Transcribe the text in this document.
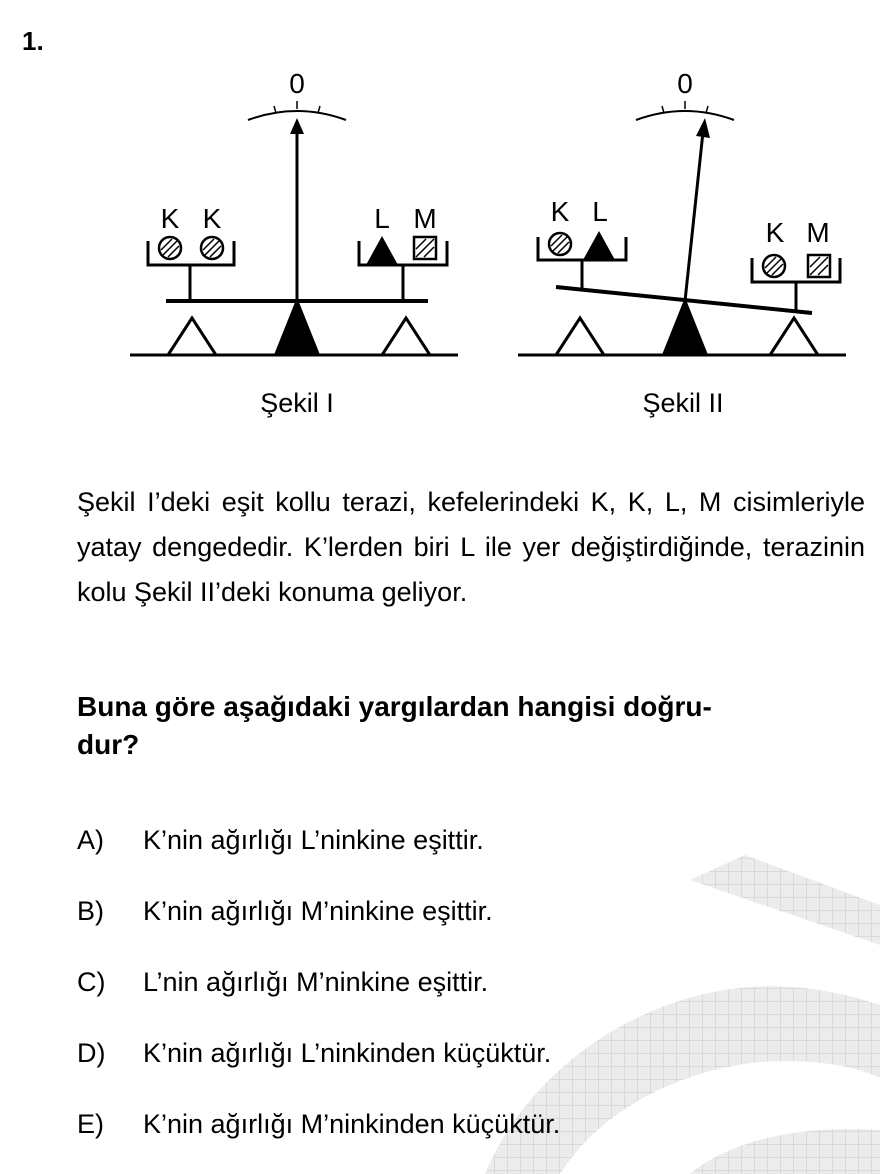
1.
0
K K	L M
Şekil I
0
K L
K M
Şekil II

Şekil I’deki eşit kollu terazi, kefelerindeki K, K, L, M cisimleriyle yatay dengededir. K’lerden biri L ile yer değiştirdiğinde, terazinin kolu Şekil II’deki konuma geliyor.

Buna göre aşağıdaki yargılardan hangisi doğru-
dur?

A) K’nin ağırlığı L’ninkine eşittir.
B) K’nin ağırlığı M’ninkine eşittir.
C) L’nin ağırlığı M’ninkine eşittir.
D) K’nin ağırlığı L’ninkinden küçüktür.
E) K’nin ağırlığı M’ninkinden küçüktür.
